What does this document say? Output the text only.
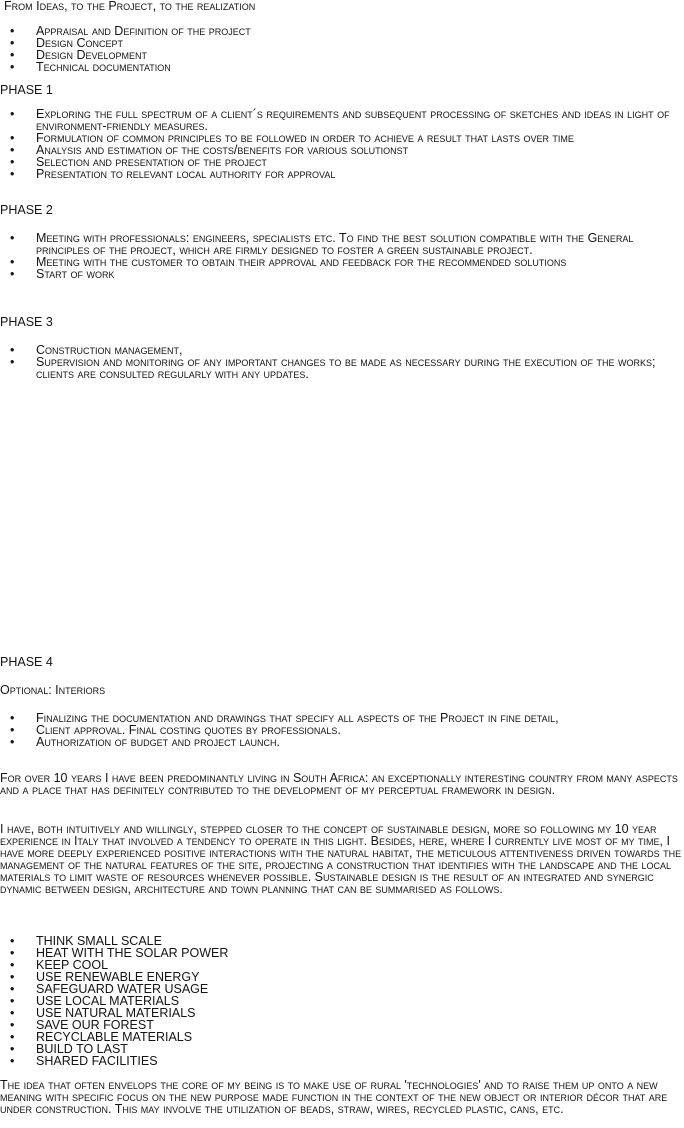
From Ideas, to the Project, to the realization
• Appraisal and Definition of the project
• Design Concept
• Design Development
• Technical documentation
PHASE 1
• Exploring the full spectrum of a client´s requirements and subsequent processing of sketches and ideas in light of environment-friendly measures.
• Formulation of common principles to be followed in order to achieve a result that lasts over time
• Analysis and estimation of the costs/benefits for various solutionst
• Selection and presentation of the project
• Presentation to relevant local authority for approval
PHASE 2
• Meeting with professionals: engineers, specialists etc. To find the best solution compatible with the General principles of the project, which are firmly designed to foster a green sustainable project.
• Meeting with the customer to obtain their approval and feedback for the recommended solutions
• Start of work
PHASE 3
• Construction management,
• Supervision and monitoring of any important changes to be made as necessary during the execution of the works; clients are consulted regularly with any updates.
PHASE 4
Optional: Interiors
• Finalizing the documentation and drawings that specify all aspects of the Project in fine detail,
• Client approval. Final costing quotes by professionals.
• Authorization of budget and project launch.

For over 10 years I have been predominantly living in South Africa: an exceptionally interesting country from many aspects and a place that has definitely contributed to the development of my perceptual framework in design.

I have, both intuitively and willingly, stepped closer to the concept of sustainable design, more so following my 10 year experience in Italy that involved a tendency to operate in this light. Besides, here, where I currently live most of my time, I have more deeply experienced positive interactions with the natural habitat, the meticulous attentiveness driven towards the management of the natural features of the site, projecting a construction that identifies with the landscape and the local materials to limit waste of resources whenever possible. Sustainable design is the result of an integrated and synergic dynamic between design, architecture and town planning that can be summarised as follows.

• THINK SMALL SCALE
• HEAT WITH THE SOLAR POWER
• KEEP COOL
• USE RENEWABLE ENERGY
• SAFEGUARD WATER USAGE
• USE LOCAL MATERIALS
• USE NATURAL MATERIALS
• SAVE OUR FOREST
• RECYCLABLE MATERIALS
• BUILD TO LAST
• SHARED FACILITIES

The idea that often envelops the core of my being is to make use of rural 'technologies' and to raise them up onto a new meaning with specific focus on the new purpose made function in the context of the new object or interior décor that are under construction. This may involve the utilization of beads, straw, wires, recycled plastic, cans, etc.
